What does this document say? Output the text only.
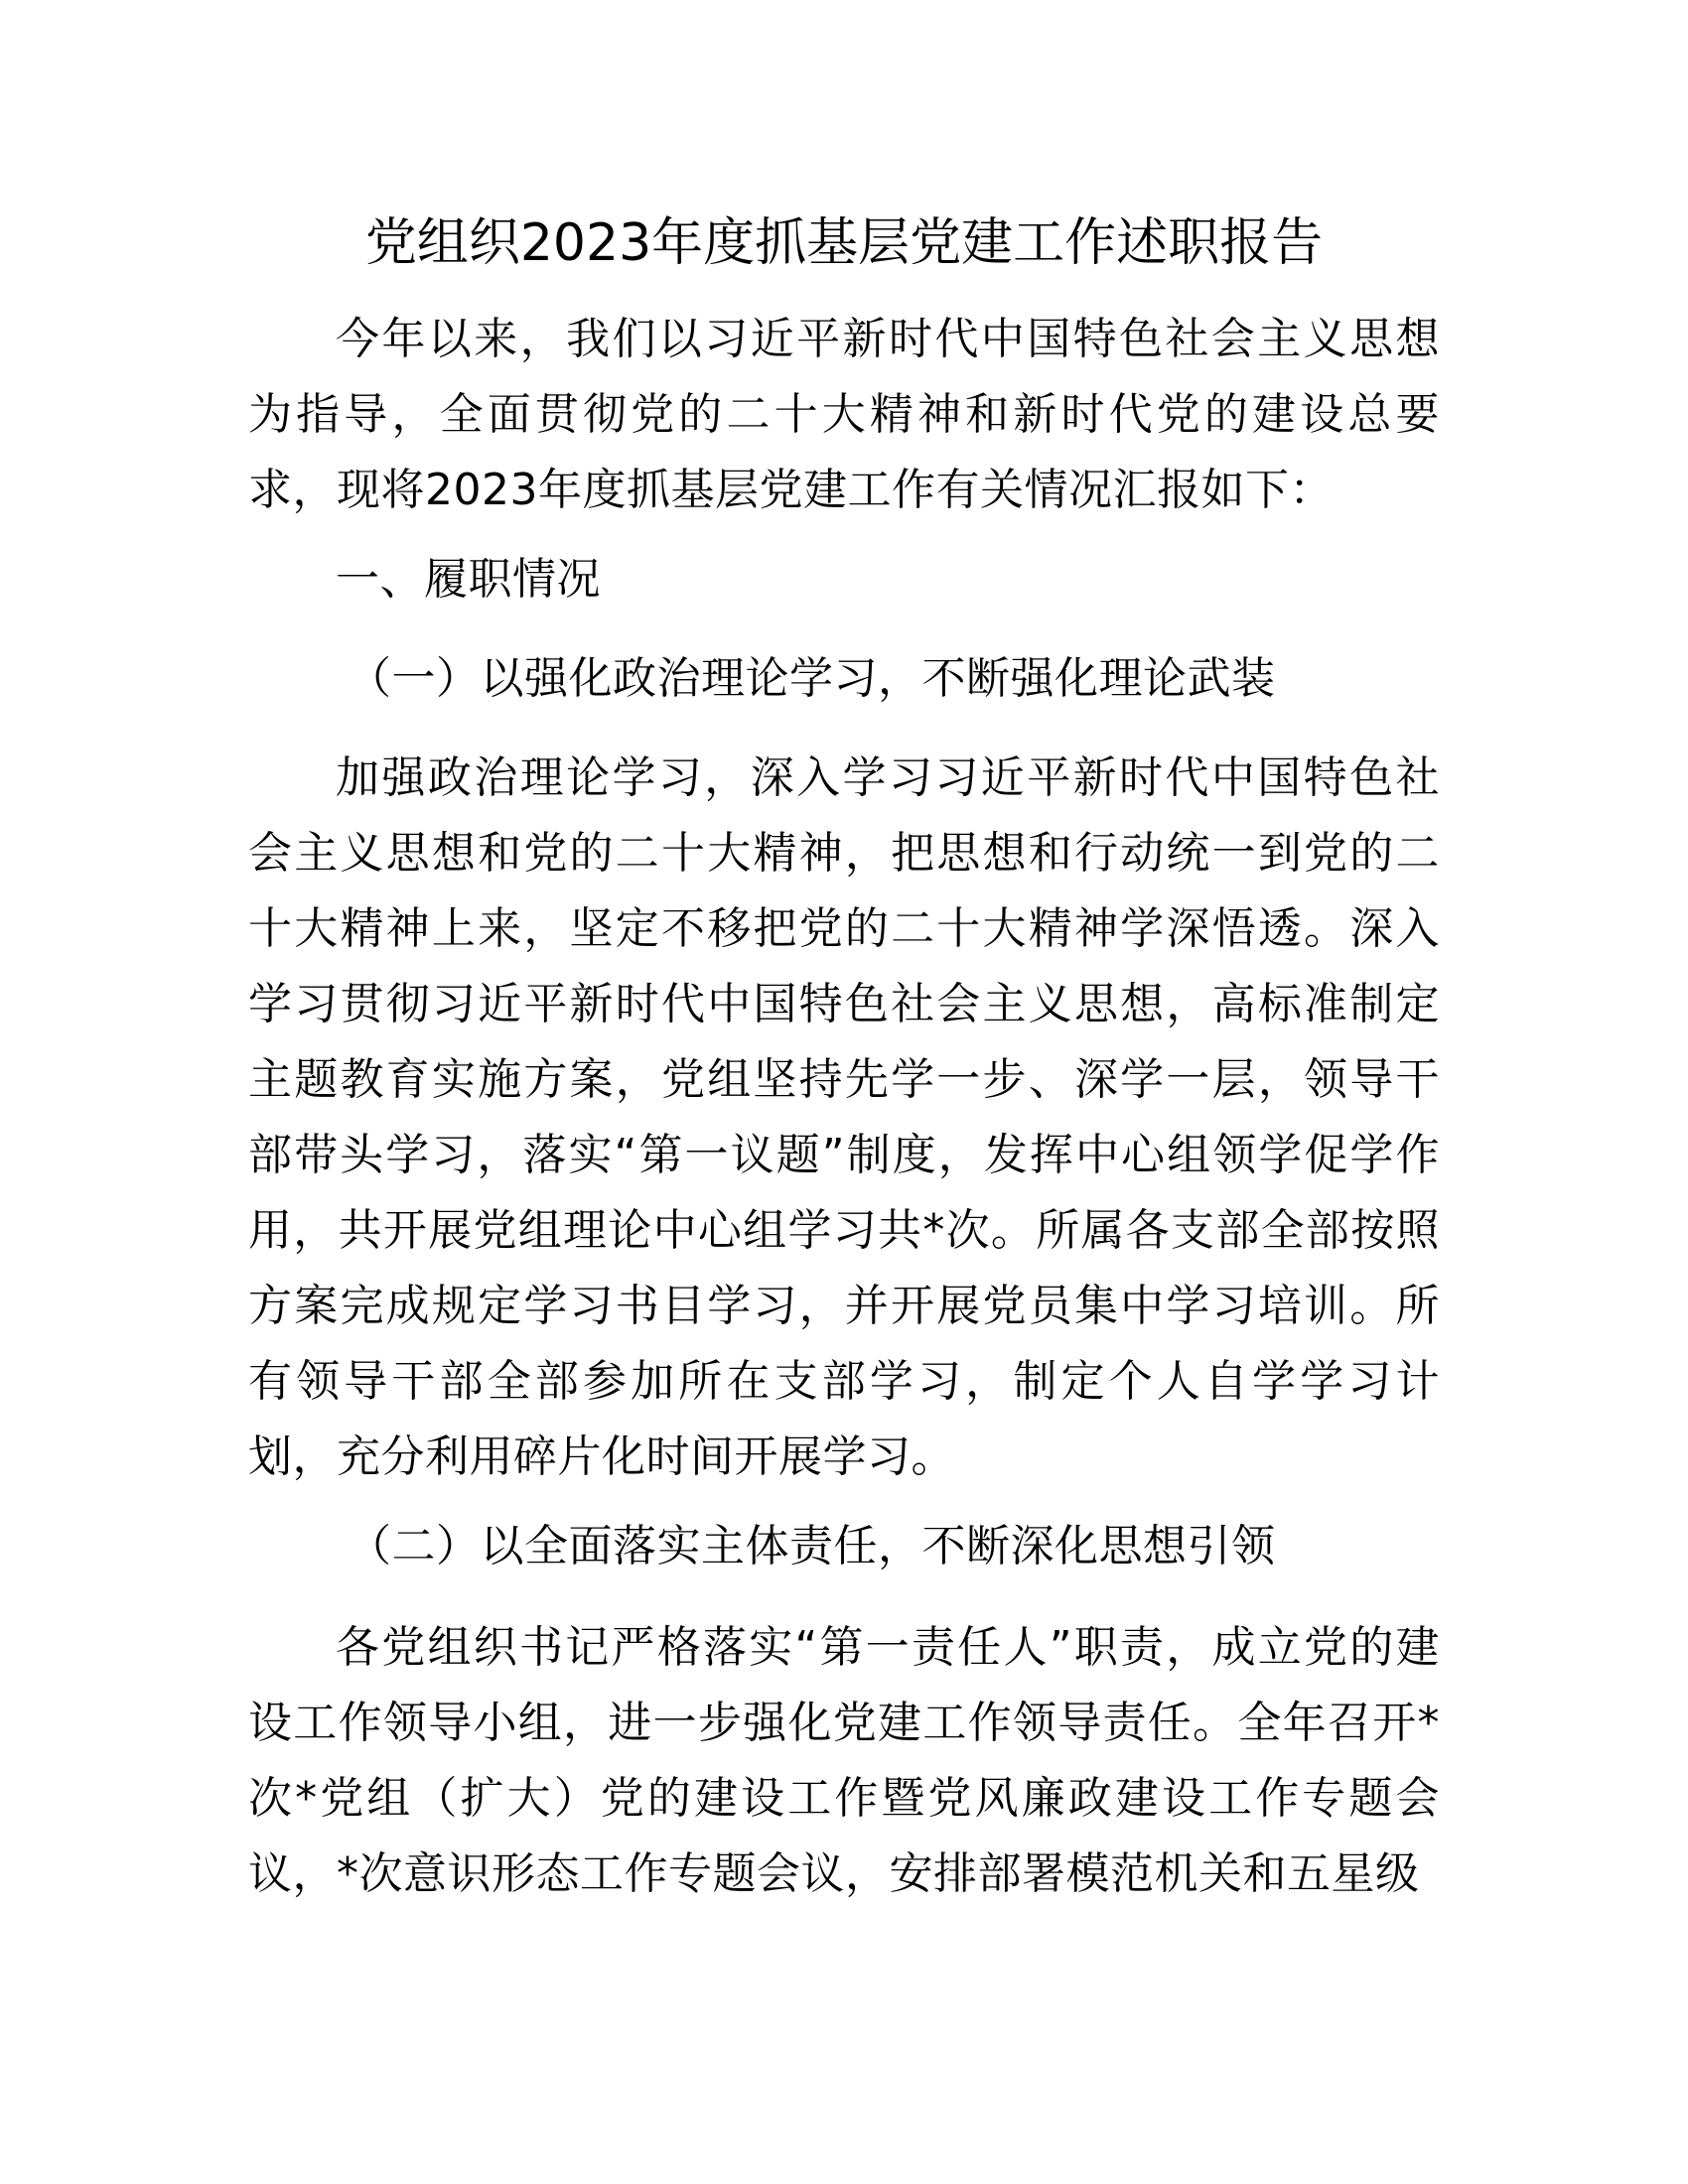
党组织2023年度抓基层党建工作述职报告

今年以来，我们以习近平新时代中国特色社会主义思想为指导，全面贯彻党的二十大精神和新时代党的建设总要求，现将2023年度抓基层党建工作有关情况汇报如下：

一、履职情况

（一）以强化政治理论学习，不断强化理论武装

加强政治理论学习，深入学习习近平新时代中国特色社会主义思想和党的二十大精神，把思想和行动统一到党的二十大精神上来，坚定不移把党的二十大精神学深悟透。深入学习贯彻习近平新时代中国特色社会主义思想，高标准制定主题教育实施方案，党组坚持先学一步、深学一层，领导干部带头学习，落实“第一议题”制度，发挥中心组领学促学作用，共开展党组理论中心组学习共*次。所属各支部全部按照方案完成规定学习书目学习，并开展党员集中学习培训。所有领导干部全部参加所在支部学习，制定个人自学学习计划，充分利用碎片化时间开展学习。

（二）以全面落实主体责任，不断深化思想引领

各党组织书记严格落实“第一责任人”职责，成立党的建设工作领导小组，进一步强化党建工作领导责任。全年召开*次*党组（扩大）党的建设工作暨党风廉政建设工作专题会议，*次意识形态工作专题会议，安排部署模范机关和五星级
